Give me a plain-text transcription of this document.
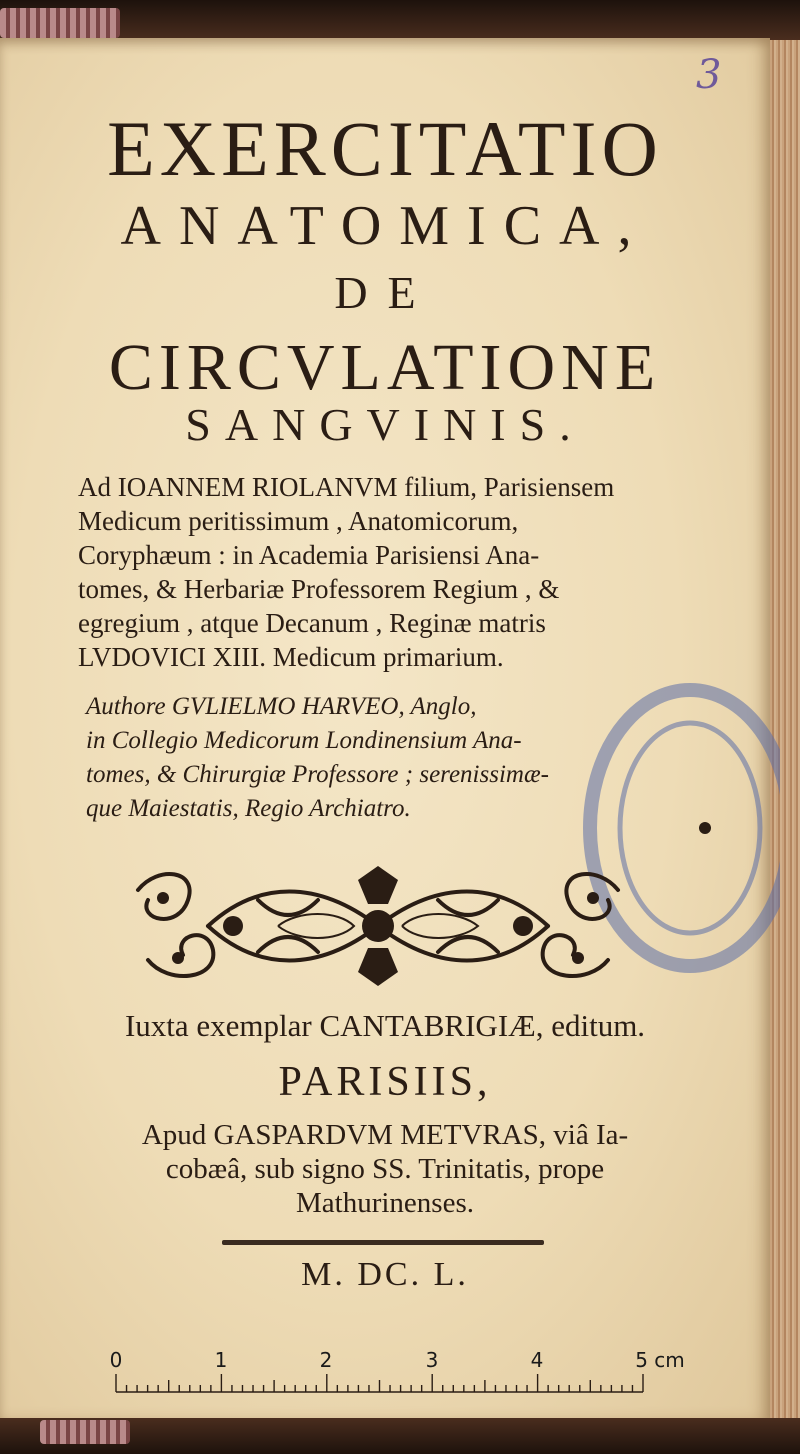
3
EXERCITATIO
ANATOMICA,
DE
CIRCVLATIONE
SANGVINIS.
Ad IOANNEM RIOLANVM filium, Parisiensem
Medicum peritissimum , Anatomicorum,
Coryphæum : in Academia Parisiensi Ana-
tomes, & Herbariæ Professorem Regium , &
egregium , atque Decanum , Reginæ matris
LVDOVICI XIII. Medicum primarium.
Authore GVLIELMO HARVEO, Anglo,
in Collegio Medicorum Londinensium Ana-
tomes, & Chirurgiæ Professore ; serenissimæ-
que Maiestatis, Regio Archiatro.
Iuxta exemplar CANTABRIGIÆ, editum.
PARISIIS,
Apud GASPARDVM METVRAS, viâ Ia-
cobæâ, sub signo SS. Trinitatis, prope
Mathurinenses.
M. DC. L.
0	1	2	3	4	5 cm
